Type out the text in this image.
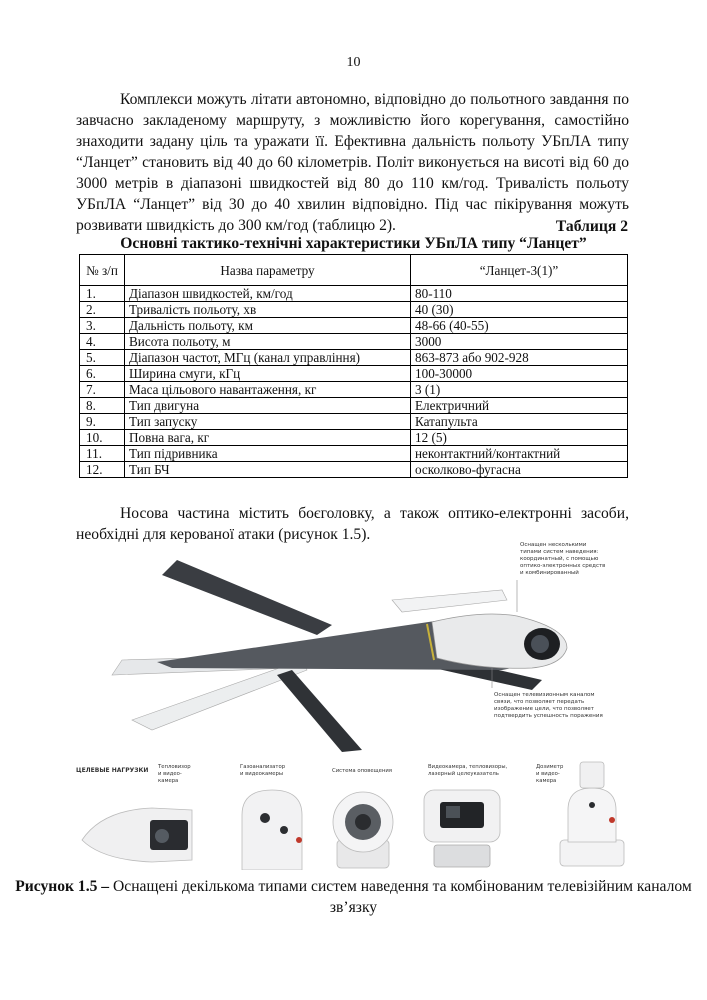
10

Комплекси можуть літати автономно, відповідно до польотного завдання по завчасно закладеному маршруту, з можливістю його корегування, самостійно знаходити задану ціль та уражати її. Ефективна дальність польоту УБпЛА типу “Ланцет” становить від 40 до 60 кілометрів. Політ виконується на висоті від 60 до 3000 метрів в діапазоні швидкостей від 80 до 110 км/год. Тривалість польоту УБпЛА “Ланцет” від 30 до 40 хвилин відповідно. Під час пікірування можуть розвивати швидкість до 300 км/год (таблицю 2).	Таблиця 2
Основні тактико-технічні характеристики УБпЛА типу “Ланцет”
№ з/п	Назва параметру	“Ланцет-3(1)”
1.	Діапазон швидкостей, км/год	80-110
2.	Тривалість польоту, хв	40 (30)
3.	Дальність польоту, км	48-66 (40-55)
4.	Висота польоту, м	3000
5.	Діапазон частот, МГц (канал управління)	863-873 або 902-928
6.	Ширина смуги, кГц	100-30000
7.	Маса цільового навантаження, кг	3 (1)
8.	Тип двигуна	Електричний
9.	Тип запуску	Катапульта
10.	Повна вага, кг	12 (5)
11.	Тип підривника	неконтактний/контактний
12.	Тип БЧ	осколково-фугасна

Носова частина містить боєголовку, а також оптико-електронні засоби, необхідні для керованої атаки (рисунок 1.5).

Оснащен несколькими типами систем наведения: координатный, с помощью оптико-электронных средств и комбинированный
Оснащен телевизионным каналом связи, что позволяет передать изображение цели, что позволяет подтвердить успешность поражения
ЦЕЛЕВЫЕ НАГРУЗКИ Тепловизор и видео- камера
Газоанализатор и видеокамеры	Система оповещения
Видеокамера, тепловизоры, лазерный целеуказатель
Дозиметр и видео- камера
Рисунок 1.5 – Оснащені декількома типами систем наведення та комбінованим телевізійним каналом зв’язку
